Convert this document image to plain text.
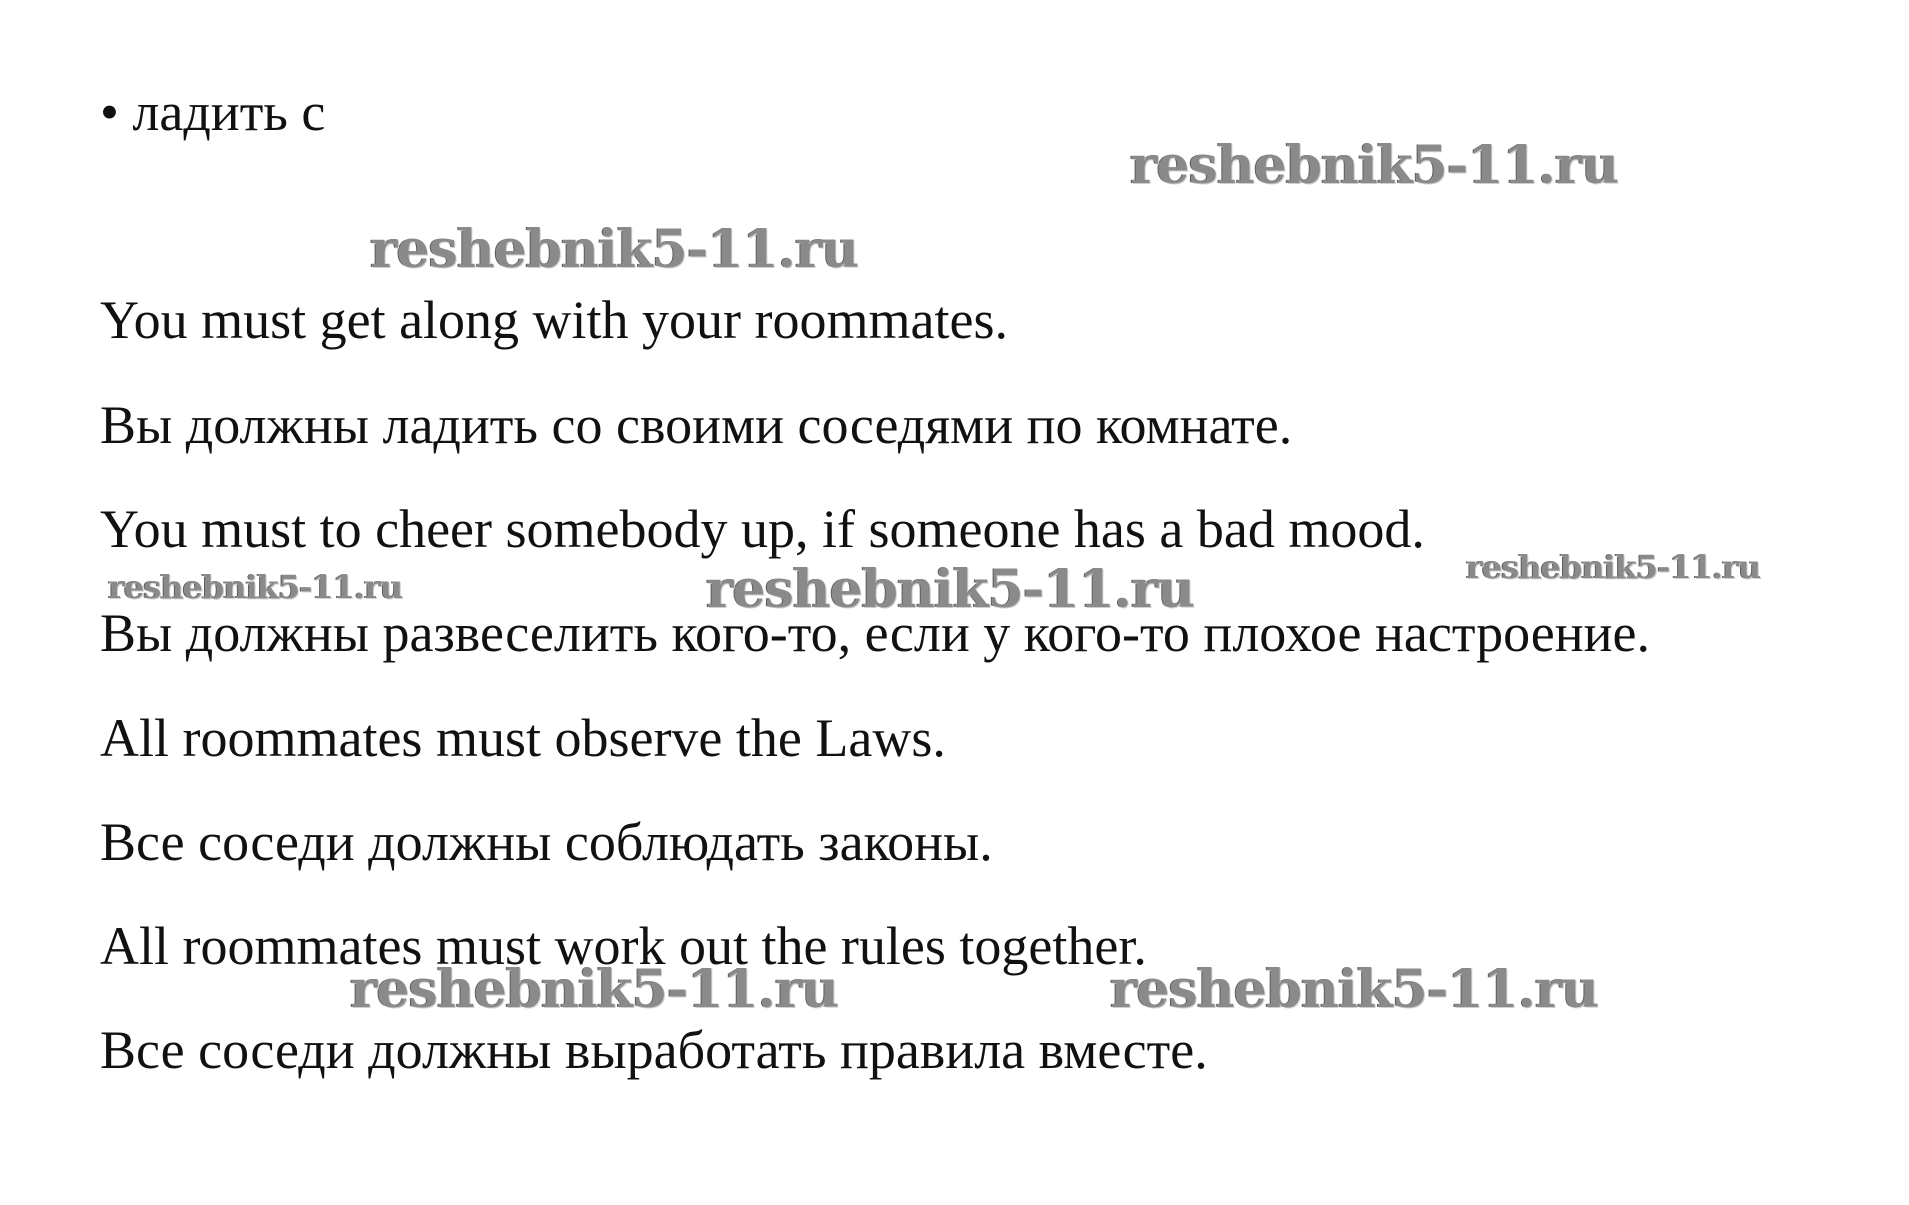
• ладить с

You must get along with your roommates.

Вы должны ладить со своими соседями по комнате.

You must to cheer somebody up, if someone has a bad mood.

Вы должны развеселить кого-то, если у кого-то плохое настроение.

All roommates must observe the Laws.

Все соседи должны соблюдать законы.

All roommates must work out the rules together.

Все соседи должны выработать правила вместе.

reshebnik5-11.ru
reshebnik5-11.ru
reshebnik5-11.ru	reshebnik5-11.ru	reshebnik5-11.ru
reshebnik5-11.ru	reshebnik5-11.ru
